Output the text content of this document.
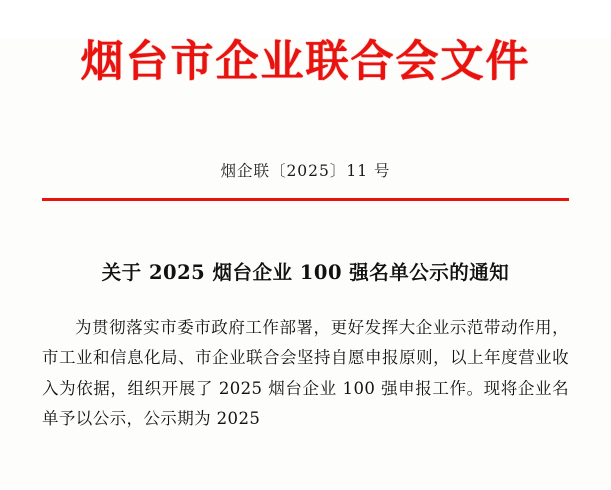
烟台市企业联合会文件
烟企联〔2025〕11 号
关于 2025 烟台企业 100 强名单公示的通知

为贯彻落实市委市政府工作部署，更好发挥大企业示范带动作用，市工业和信息化局、市企业联合会坚持自愿申报原则，以上年度营业收入为依据，组织开展了 2025 烟台企业 100 强申报工作。现将企业名单予以公示，公示期为 2025
